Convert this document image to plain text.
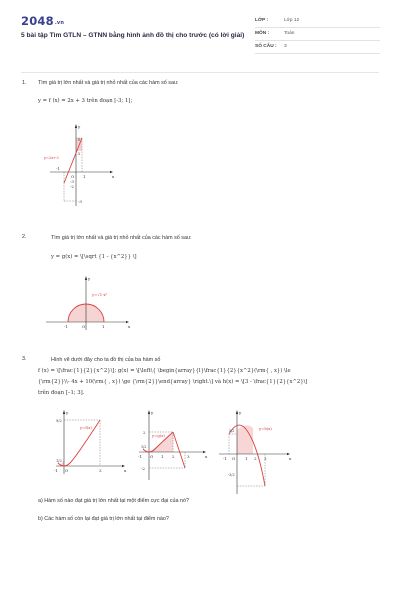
2048.vn
5 bài tập Tìm GTLN – GTNN bằng hình ảnh đồ thị cho trước (có lời giải)
LỚP :	Lớp 12
MÔN :	Toán
SỐ CÂU : 3
1. Tìm giá trị lớn nhất và giá trị nhỏ nhất của các hàm số sau:
y = f (x) = 2x + 3 trên đoạn [-3; 1];
y=2x+3
y
x
O 1
-1
5
3
-3
-2
-3
2.	Tìm giá trị lớn nhất và giá trị nhỏ nhất của các hàm số sau:
y = g(x) = \[\sqrt {1 - {x^2}} \]
y=√1-x²
y
x
O	1
-1
3.	Hình vẽ dưới đây cho ta đồ thị của ba hàm số
f (x) = \[\frac{1}{2}{x^2}\]; g(x) = \[\left\{ \begin{array}{l}\frac{1}{2}{x^2}(\rm{ , x}) \le
{\rm{2}}\\- 4x + 10(\rm{ , x}) \ge {\rm{2}}\end{array} \right.\] và h(x) = \[3 - \frac{1}{2}{x^2}\]
trên đoạn [–1; 3].
y=f(x)
y
x
O
-1	3
9/2
1/2
y=g(x)
y
x
O
-1	1 2	3
2
1/2
-2
y=h(x)
y
x
O
-1	1 2 3
5/2
-3/2
a) Hàm số nào đạt giá trị lớn nhất tại một điểm cực đại của nó?
b) Các hàm số còn lại đạt giá trị lớn nhất tại điểm nào?
